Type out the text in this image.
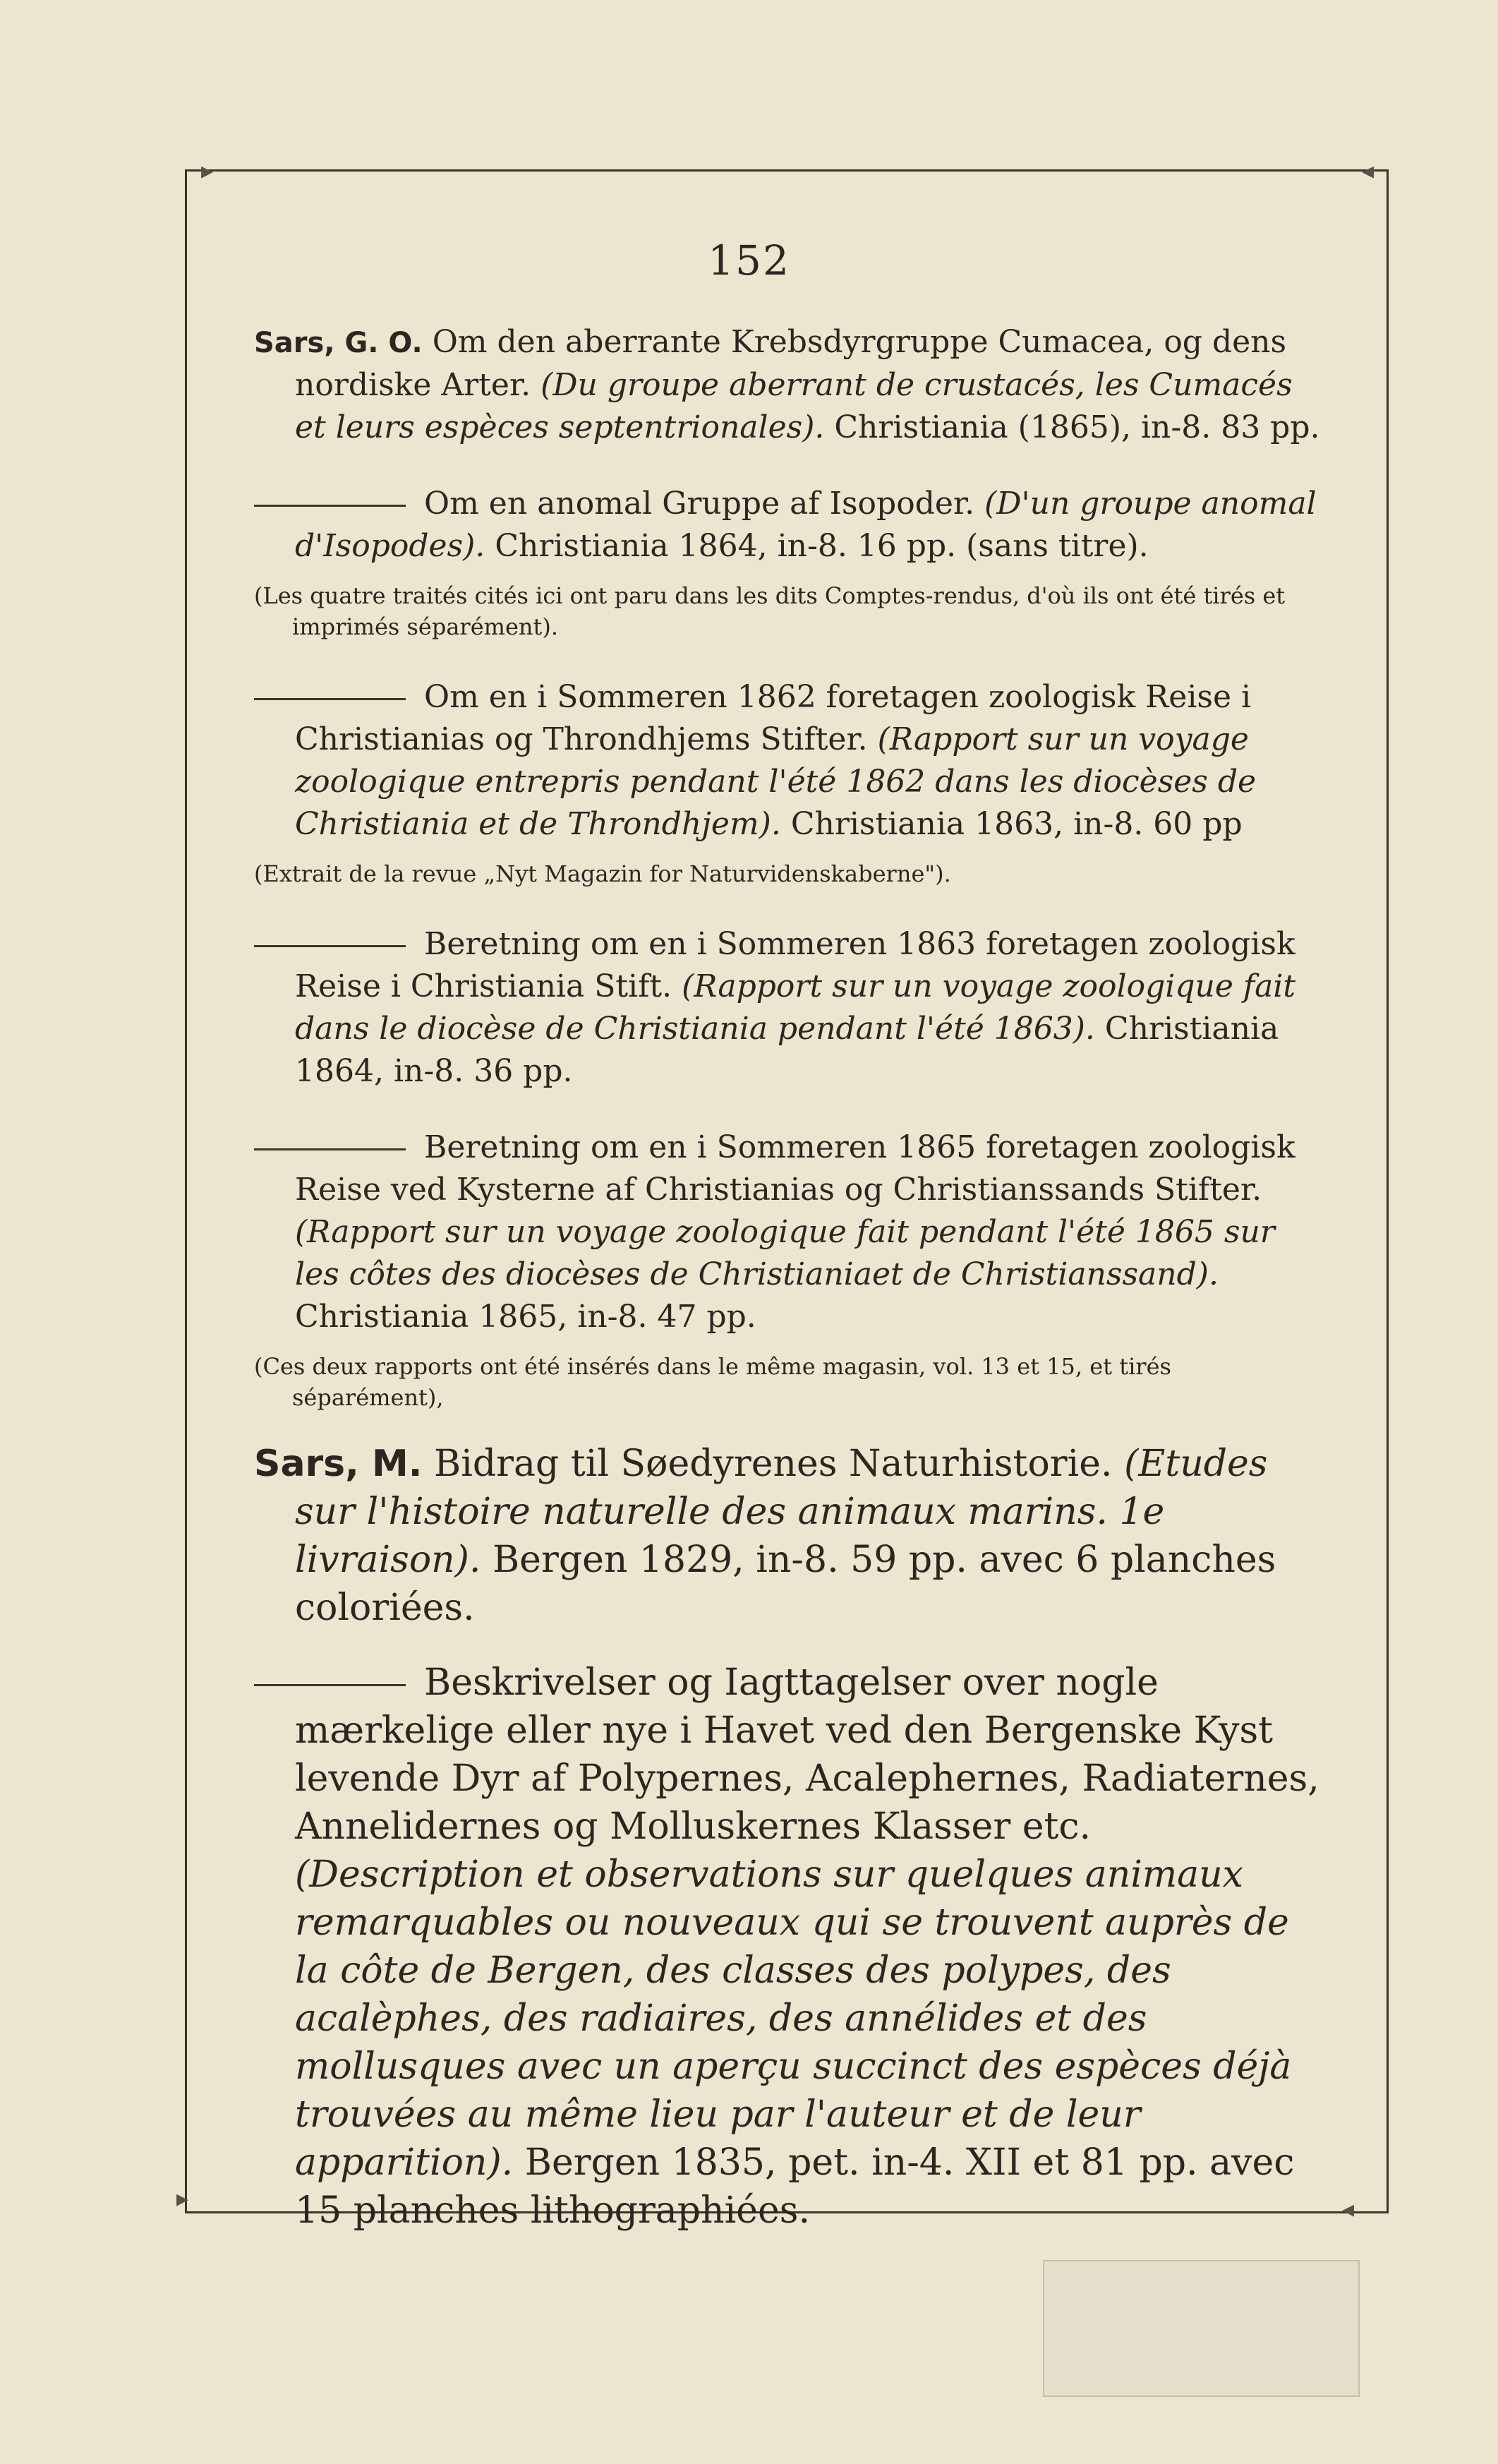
▸	◂
▸	◂
152

Sars, G. O. Om den aberrante Krebsdyrgruppe Cumacea, og dens nordiske Arter. (Du groupe aberrant de crustacés, les Cumacés et leurs espèces septentrionales). Christiania (1865), in-8. 83 pp.

Om en anomal Gruppe af Isopoder. (D'un groupe anomal d'Isopodes). Christiania 1864, in-8. 16 pp. (sans titre).

(Les quatre traités cités ici ont paru dans les dits Comptes-rendus, d'où ils ont été tirés et imprimés séparément).

Om en i Sommeren 1862 foretagen zoologisk Reise i Christianias og Throndhjems Stifter. (Rapport sur un voyage zoologique entrepris pendant l'été 1862 dans les diocèses de Christiania et de Throndhjem). Christiania 1863, in-8. 60 pp

(Extrait de la revue „Nyt Magazin for Naturvidenskaberne").

Beretning om en i Sommeren 1863 foretagen zoologisk Reise i Christiania Stift. (Rapport sur un voyage zoologique fait dans le diocèse de Christiania pendant l'été 1863). Christiania 1864, in-8. 36 pp.

Beretning om en i Sommeren 1865 foretagen zoologisk Reise ved Kysterne af Christianias og Christianssands Stifter. (Rapport sur un voyage zoologique fait pendant l'été 1865 sur les côtes des diocèses de Christianiaet de Christianssand). Christiania 1865, in-8. 47 pp.

(Ces deux rapports ont été insérés dans le même magasin, vol. 13 et 15, et tirés séparément),

Sars, M. Bidrag til Søedyrenes Naturhistorie. (Etudes sur l'histoire naturelle des animaux marins. 1e livraison). Bergen 1829, in-8. 59 pp. avec 6 planches coloriées.

Beskrivelser og Iagttagelser over nogle mærkelige eller nye i Havet ved den Bergenske Kyst levende Dyr af Polypernes, Acalephernes, Radiaternes, Annelidernes og Molluskernes Klasser etc. (Description et observations sur quelques animaux remarquables ou nouveaux qui se trouvent auprès de la côte de Bergen, des classes des polypes, des acalèphes, des radiaires, des annélides et des mollusques avec un aperçu succinct des espèces déjà trouvées au même lieu par l'auteur et de leur apparition). Bergen 1835, pet. in-4. XII et 81 pp. avec 15 planches lithographiées.
